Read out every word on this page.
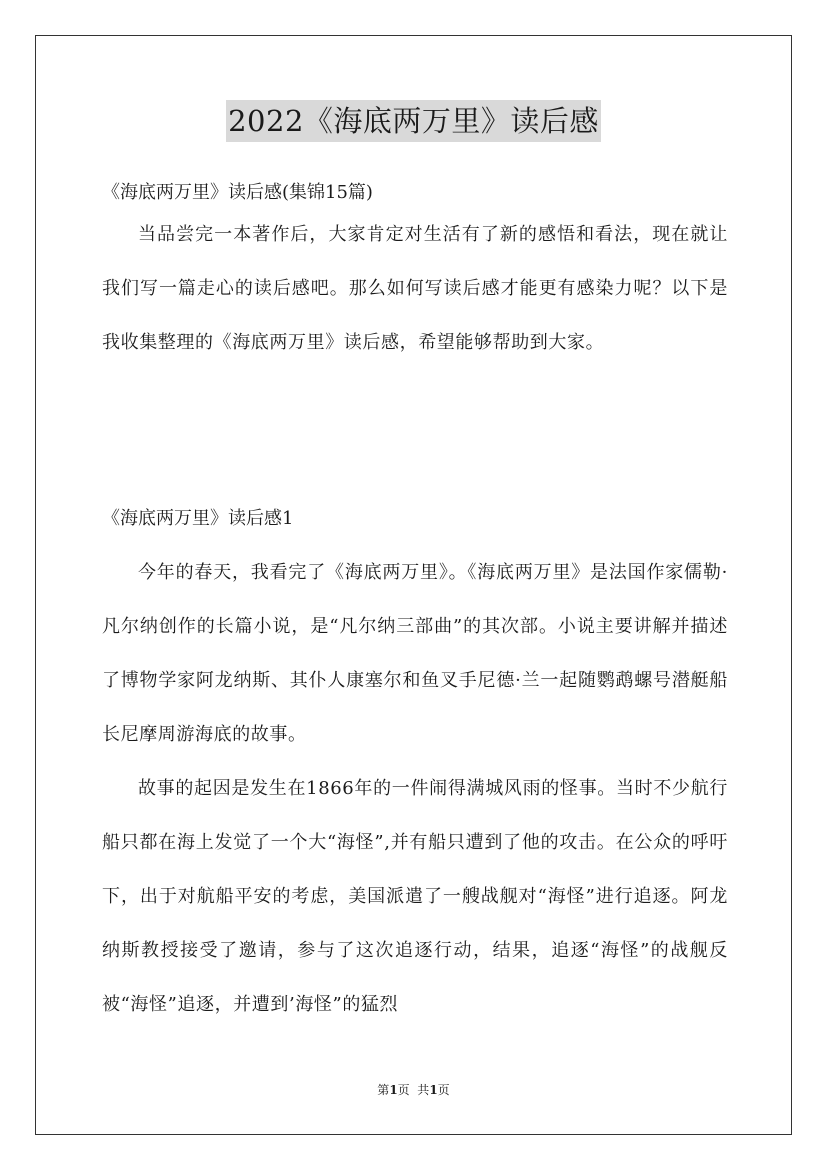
2022《海底两万里》读后感
《海底两万里》读后感(集锦15篇)

当品尝完一本著作后，大家肯定对生活有了新的感悟和看法，现在就让我们写一篇走心的读后感吧。那么如何写读后感才能更有感染力呢？以下是我收集整理的《海底两万里》读后感，希望能够帮助到大家。

《海底两万里》读后感1

今年的春天，我看完了《海底两万里》。《海底两万里》是法国作家儒勒·凡尔纳创作的长篇小说，是“凡尔纳三部曲”的其次部。小说主要讲解并描述了博物学家阿龙纳斯、其仆人康塞尔和鱼叉手尼德·兰一起随鹦鹉螺号潜艇船长尼摩周游海底的故事。

故事的起因是发生在1866年的一件闹得满城风雨的怪事。当时不少航行船只都在海上发觉了一个大“海怪”,并有船只遭到了他的攻击。在公众的呼吁下，出于对航船平安的考虑，美国派遣了一艘战舰对“海怪”进行追逐。阿龙纳斯教授接受了邀请，参与了这次追逐行动，结果，追逐“海怪”的战舰反被“海怪”追逐，并遭到’海怪”的猛烈

第1页  共1页
